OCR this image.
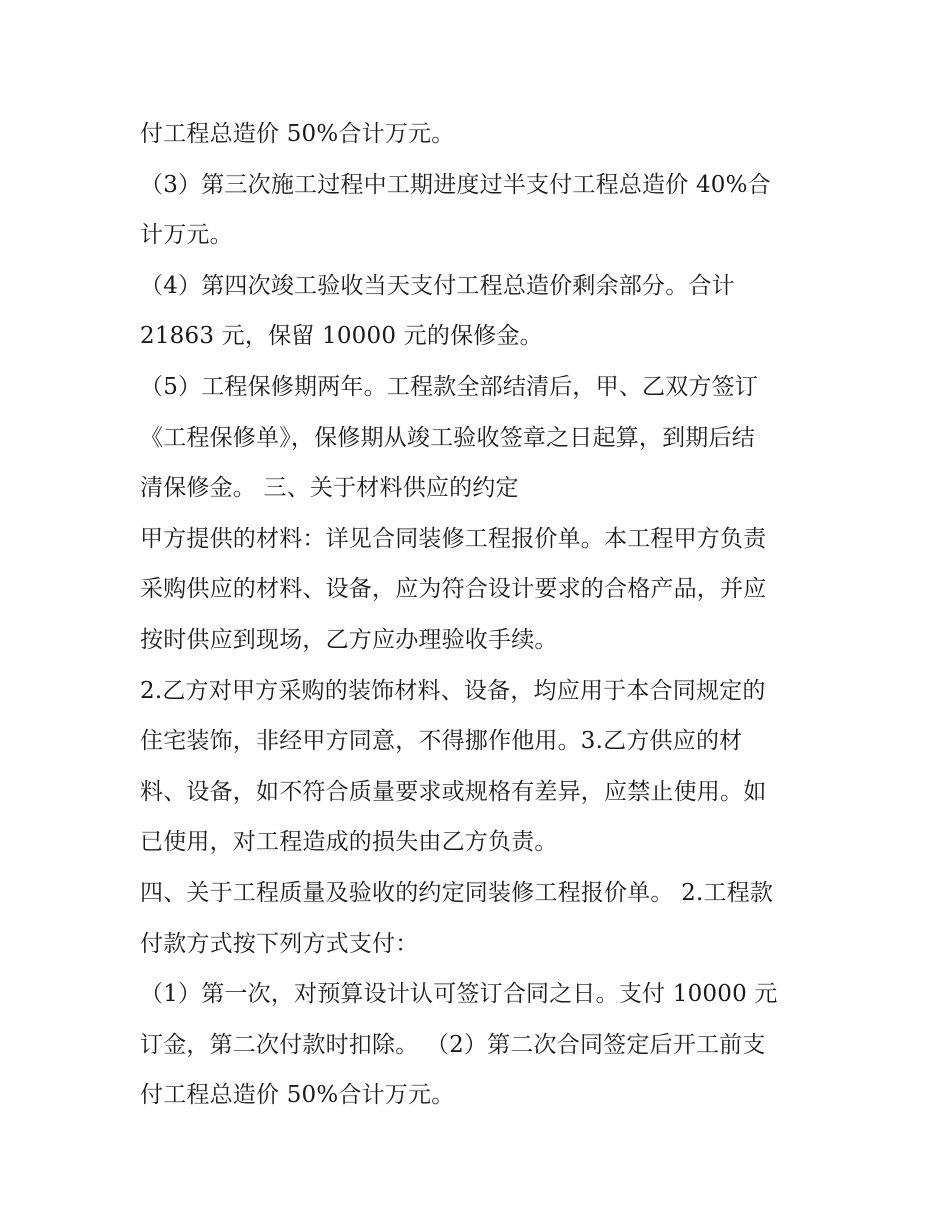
付工程总造价 50%合计万元。
（3）第三次施工过程中工期进度过半支付工程总造价 40%合
计万元。
（4）第四次竣工验收当天支付工程总造价剩余部分。合计
21863 元，保留 10000 元的保修金。
（5）工程保修期两年。工程款全部结清后，甲、乙双方签订
《工程保修单》，保修期从竣工验收签章之日起算，到期后结
清保修金。 三、关于材料供应的约定
甲方提供的材料：详见合同装修工程报价单。本工程甲方负责
采购供应的材料、设备，应为符合设计要求的合格产品，并应
按时供应到现场，乙方应办理验收手续。
2.乙方对甲方采购的装饰材料、设备，均应用于本合同规定的
住宅装饰，非经甲方同意，不得挪作他用。3.乙方供应的材
料、设备，如不符合质量要求或规格有差异，应禁止使用。如
已使用，对工程造成的损失由乙方负责。
四、关于工程质量及验收的约定同装修工程报价单。 2.工程款
付款方式按下列方式支付：
（1）第一次，对预算设计认可签订合同之日。支付 10000 元
订金，第二次付款时扣除。 （2）第二次合同签定后开工前支
付工程总造价 50%合计万元。
